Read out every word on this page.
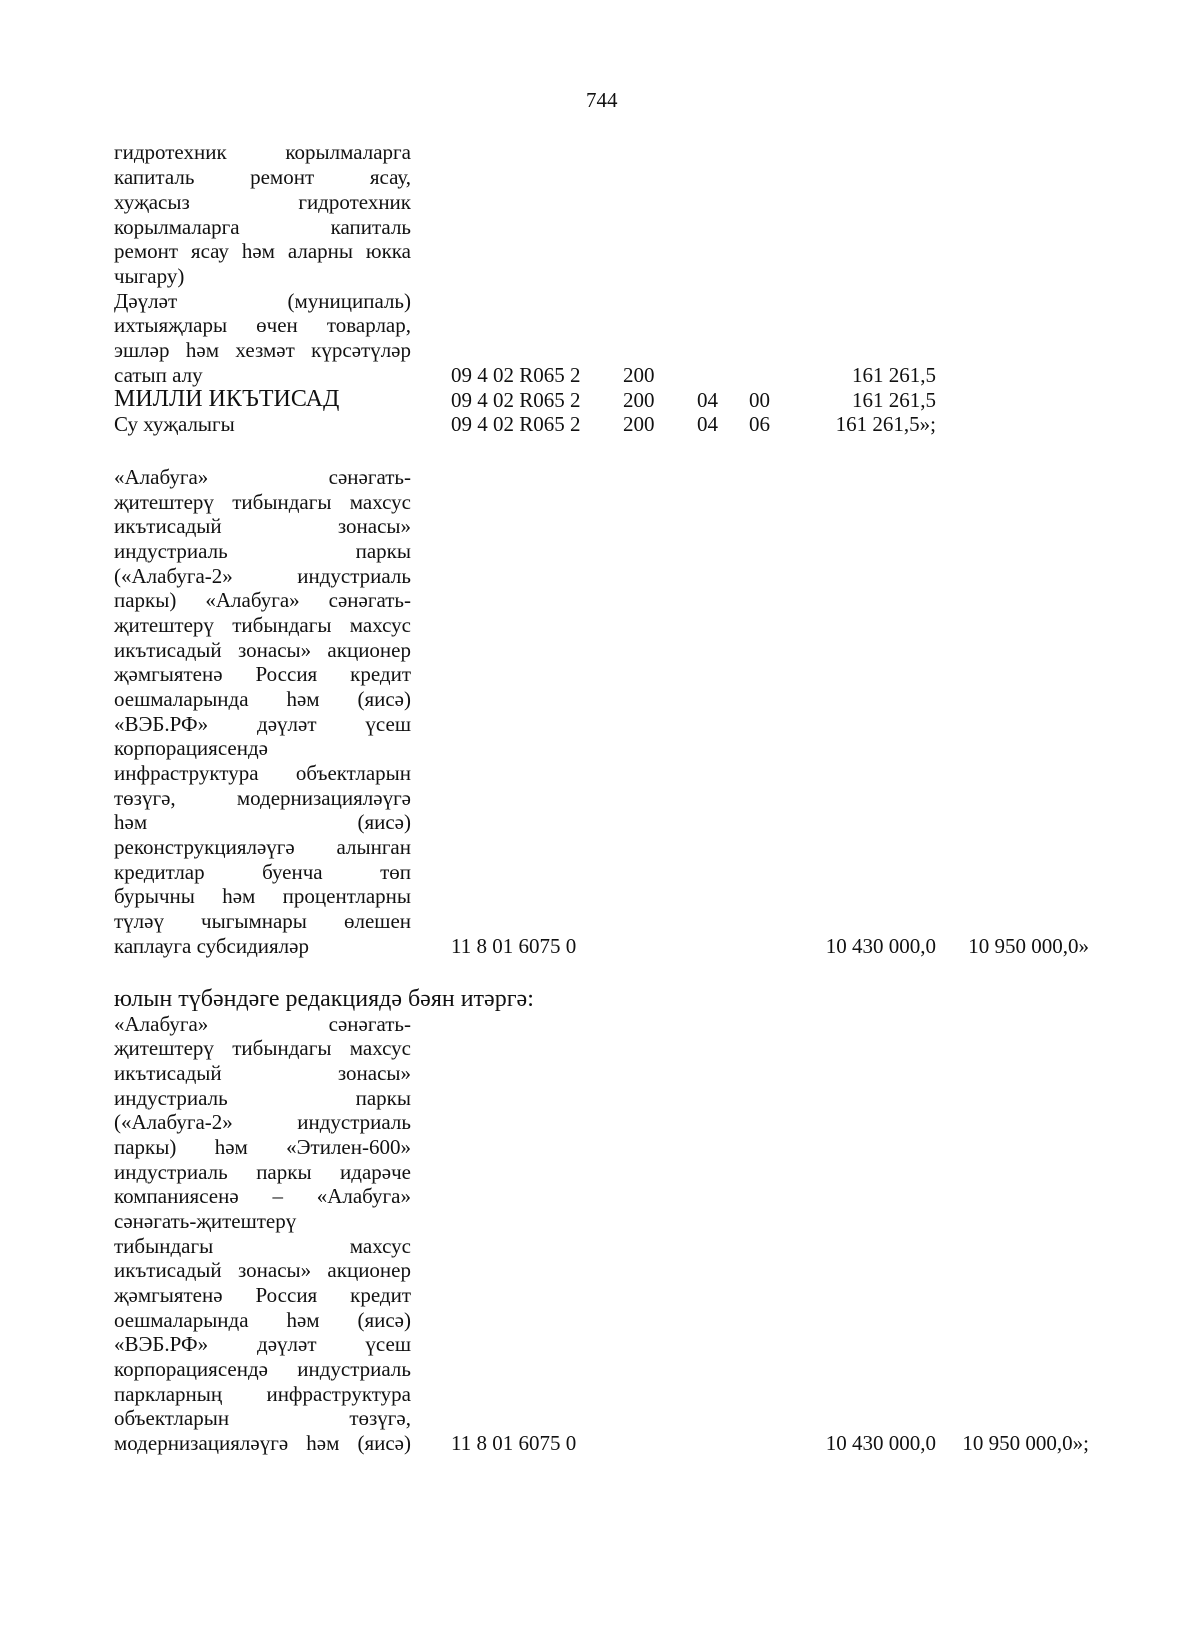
744
гидротехник корылмаларга
капиталь ремонт ясау,
хуҗасыз гидротехник
корылмаларга капиталь
ремонт ясау һәм аларны юкка
чыгару)
Дәүләт (муниципаль)
ихтыяҗлары өчен товарлар,
эшләр һәм хезмәт күрсәтүләр
сатып алу	09 4 02 R065 2 200	161 261,5
МИЛЛИ ИКЪТИСАД	09 4 02 R065 2 200 04 00	161 261,5
Су хуҗалыгы	09 4 02 R065 2 200 04 06	161 261,5»;
«Алабуга» сәнәгать-
җитештерү тибындагы махсус
икътисадый зонасы»
индустриаль паркы
(«Алабуга-2» индустриаль
паркы) «Алабуга» сәнәгать-
җитештерү тибындагы махсус
икътисадый зонасы» акционер
җәмгыятенә Россия кредит
оешмаларында һәм (яисә)
«ВЭБ.РФ» дәүләт үсеш
корпорациясендә
инфраструктура объектларын
төзүгә, модернизацияләүгә
һәм (яисә)
реконструкцияләүгә алынган
кредитлар буенча төп
бурычны һәм процентларны
түләү чыгымнары өлешен
каплауга субсидияләр	11 8 01 6075 0	10 430 000,0 10 950 000,0»
юлын түбәндәге редакциядә бәян итәргә:
«Алабуга» сәнәгать-
җитештерү тибындагы махсус
икътисадый зонасы»
индустриаль паркы
(«Алабуга-2» индустриаль
паркы) һәм «Этилен-600»
индустриаль паркы идарәче
компаниясенә – «Алабуга»
сәнәгать-җитештерү
тибындагы махсус
икътисадый зонасы» акционер
җәмгыятенә Россия кредит
оешмаларында һәм (яисә)
«ВЭБ.РФ» дәүләт үсеш
корпорациясендә индустриаль
паркларның инфраструктура
объектларын төзүгә,
модернизацияләүгә һәм (яисә) 11 8 01 6075 0	10 430 000,0 10 950 000,0»;
